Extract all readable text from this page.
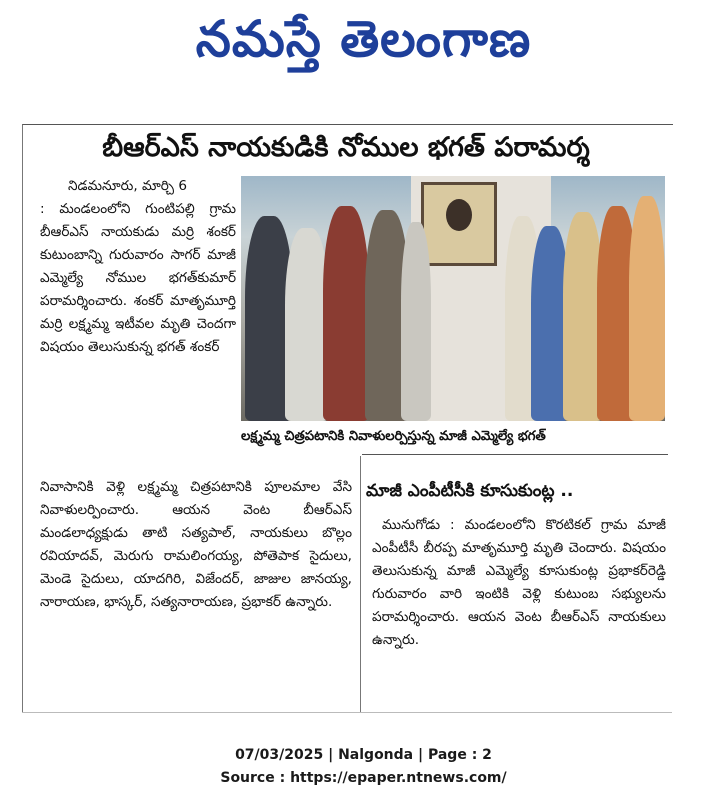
నమస్తే తెలంగాణ
బీఆర్‌ఎస్ నాయకుడికి నోముల భగత్ పరామర్శ

నిడమనూరు, మార్చి 6

: మండలంలోని గుంటిపల్లి గ్రామ బీఆర్‌ఎస్ నాయకుడు మర్రి శంకర్ కుటుంబాన్ని గురువారం సాగర్ మాజీ ఎమ్మెల్యే నోముల భగత్‌కుమార్ పరామర్శించారు. శంకర్ మాతృమూర్తి మర్రి లక్ష్మమ్మ ఇటీవల మృతి చెందగా విషయం తెలుసుకున్న భగత్ శంకర్

లక్ష్మమ్మ చిత్రపటానికి నివాళులర్పిస్తున్న మాజీ ఎమ్మెల్యే భగత్
నివాసానికి వెళ్లి లక్ష్మమ్మ చిత్రపటానికి పూలమాల వేసి నివాళులర్పించారు. ఆయన వెంట బీఆర్‌ఎస్ మండలాధ్యక్షుడు తాటి సత్యపాల్, నాయకులు బొల్లం రవియాదవ్, మెరుగు రామలింగయ్య, పోతెపాక సైదులు, మెండె సైదులు, యాదగిరి, విజేందర్, జాజుల జానయ్య, నారాయణ, భాస్కర్, సత్యనారాయణ, ప్రభాకర్ ఉన్నారు.
మాజీ ఎంపీటీసీకి కూసుకుంట్ల ..
మునుగోడు : మండలంలోని కొరటికల్ గ్రామ మాజీ ఎంపీటీసీ బీరప్ప మాతృమూర్తి మృతి చెందారు. విషయం తెలుసుకున్న మాజీ ఎమ్మెల్యే కూసుకుంట్ల ప్రభాకర్‌రెడ్డి గురువారం వారి ఇంటికి వెళ్లి కుటుంబ సభ్యులను పరామర్శించారు. ఆయన వెంట బీఆర్‌ఎస్ నాయకులు ఉన్నారు.
07/03/2025 | Nalgonda | Page : 2
Source : https://epaper.ntnews.com/
